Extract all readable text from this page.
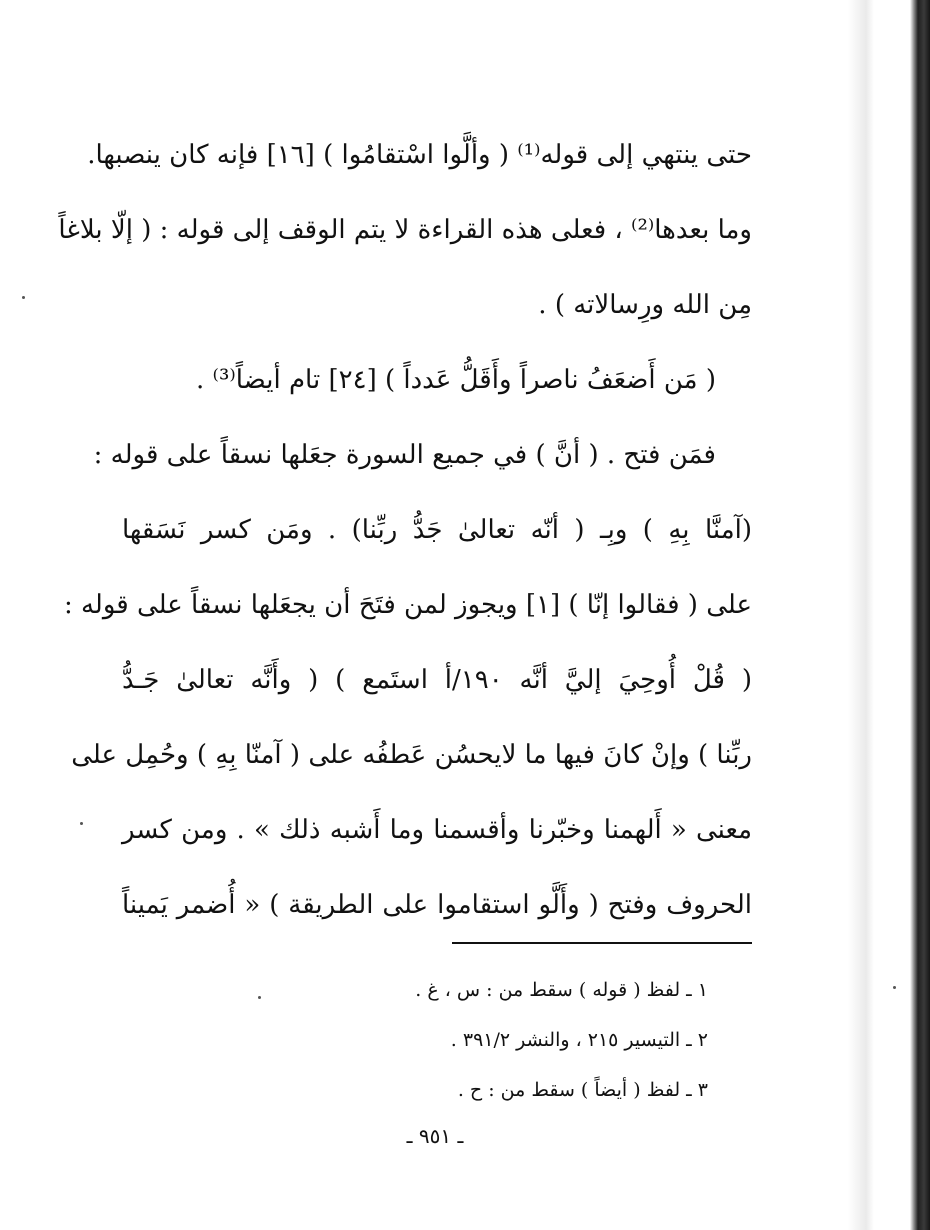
حتى ينتهي إلى قوله⁽¹⁾ ( وألَّوا اسْتقامُوا ) [١٦] فإنه كان ينصبها.
وما بعدها⁽²⁾ ، فعلى هذه القراءة لا يتم الوقف إلى قوله : ( إلّا بلاغاً
مِن الله ورِسالاته ) .
( مَن أَضعَفُ ناصراً وأَقَلُّ عَدداً ) [٢٤] تام أيضاً⁽³⁾ .
فمَن فتح . ( أنَّ ) في جميع السورة جعَلها نسقاً على قوله :
(آمنَّا بِهِ ) وبِـ ( أنّه تعالىٰ جَدُّ ربِّنا) . ومَن كسر نَسَقها
على ( فقالوا إنّا ) [١] ويجوز لمن فتَحَ أن يجعَلها نسقاً على قوله :
( قُلْ أُوحِيَ إليَّ أنَّه ١٩٠/أ استَمع ) ( وأَنَّه تعالىٰ جَـدُّ
ربِّنا ) وإنْ كانَ فيها ما لايحسُن عَطفُه على ( آمنّا بِهِ ) وحُمِل على
معنى « أَلهمنا وخبّرنا وأقسمنا وما أَشبه ذلك » . ومن كسر
الحروف وفتح ( وأَلَّو استقاموا على الطريقة ) « أُضمر يَميناً
١ ـ لفظ ( قوله ) سقط من : س ، غ .
٢ ـ التيسير ٢١٥ ، والنشر ٣٩١/٢ .
٣ ـ لفظ ( أيضاً ) سقط من : ح .
ـ ٩٥١ ـ
